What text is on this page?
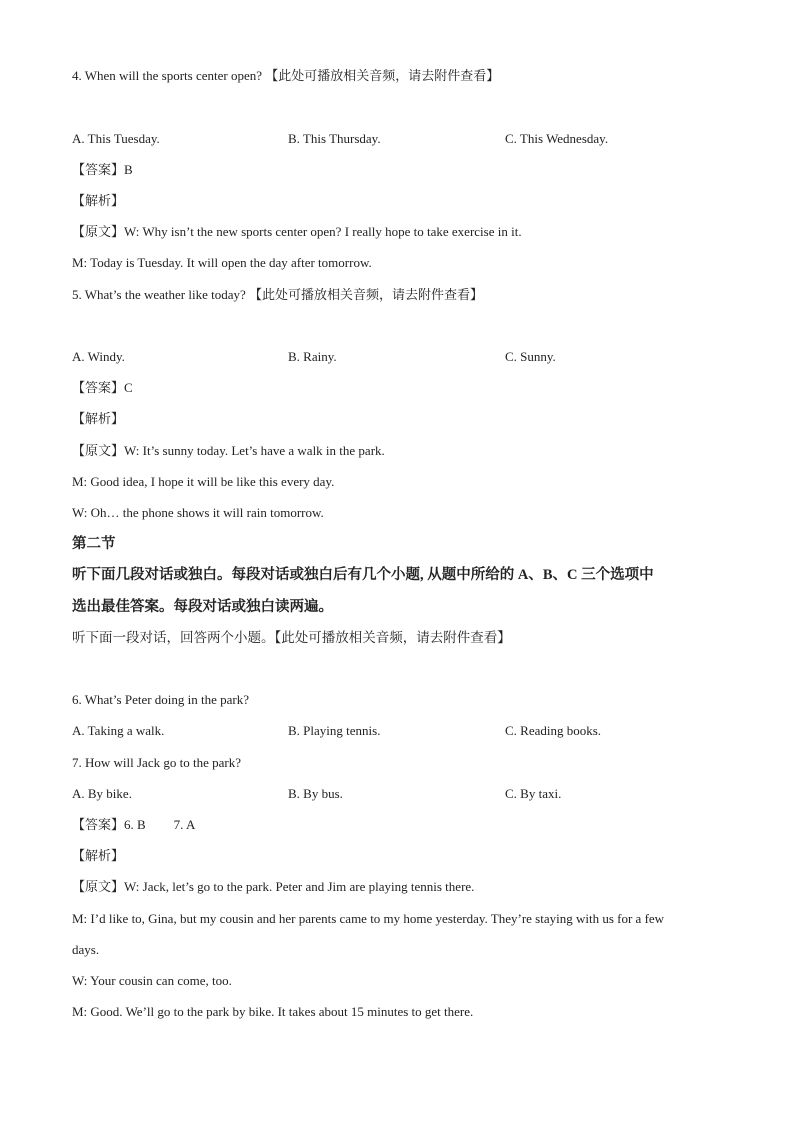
4. When will the sports center open? 【此处可播放相关音频，请去附件查看】
A. This Tuesday.	B. This Thursday.	C. This Wednesday.
【答案】B
【解析】
【原文】W: Why isn’t the new sports center open? I really hope to take exercise in it.
M: Today is Tuesday. It will open the day after tomorrow.
5. What’s the weather like today? 【此处可播放相关音频，请去附件查看】
A. Windy.	B. Rainy.	C. Sunny.
【答案】C
【解析】
【原文】W: It’s sunny today. Let’s have a walk in the park.
M: Good idea, I hope it will be like this every day.
W: Oh… the phone shows it will rain tomorrow.
第二节
听下面几段对话或独白。每段对话或独白后有几个小题, 从题中所给的 A、B、C 三个选项中
选出最佳答案。每段对话或独白读两遍。
听下面一段对话，回答两个小题。【此处可播放相关音频，请去附件查看】
6. What’s Peter doing in the park?
A. Taking a walk.	B. Playing tennis.	C. Reading books.
7. How will Jack go to the park?
A. By bike.	B. By bus.	C. By taxi.
【答案】6. B 7. A
【解析】
【原文】W: Jack, let’s go to the park. Peter and Jim are playing tennis there.
M: I’d like to, Gina, but my cousin and her parents came to my home yesterday. They’re staying with us for a few
days.
W: Your cousin can come, too.
M: Good. We’ll go to the park by bike. It takes about 15 minutes to get there.
